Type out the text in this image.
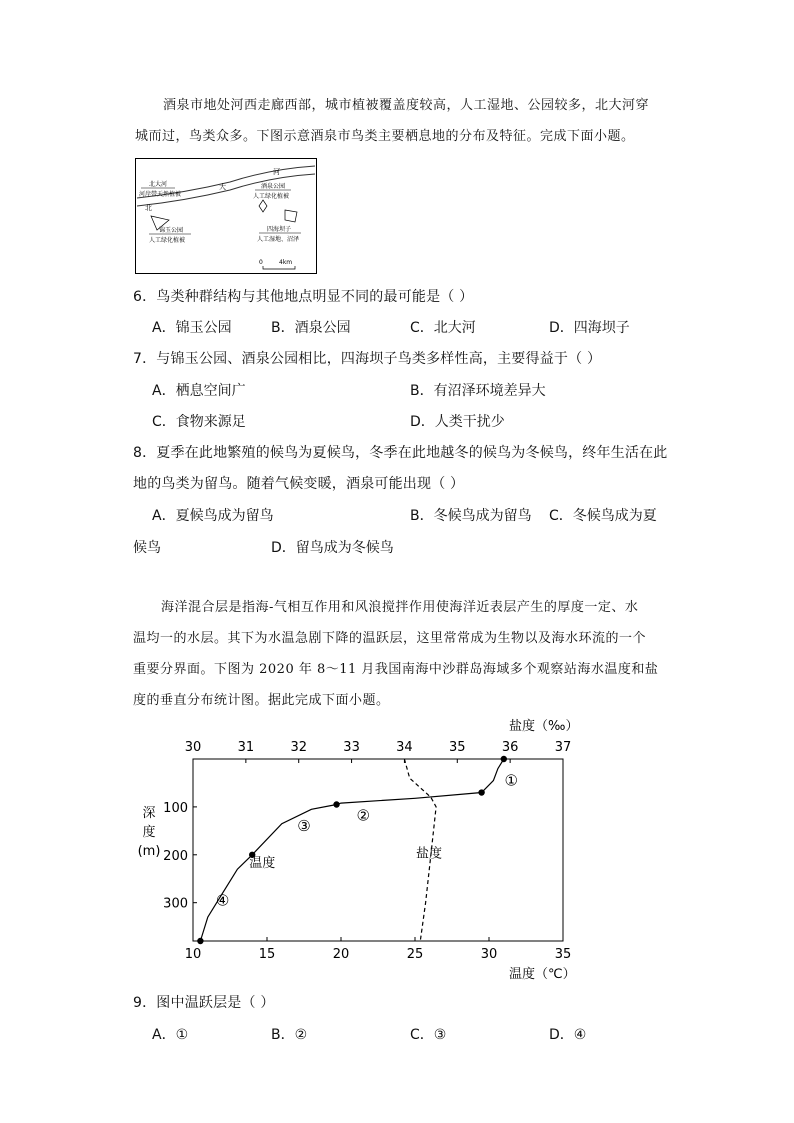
酒泉市地处河西走廊西部，城市植被覆盖度较高，人工湿地、公园较多，北大河穿
城而过，鸟类众多。下图示意酒泉市鸟类主要栖息地的分布及特征。完成下面小题。
北
大
河
北大河
河岸带天然植被
酒泉公园
人工绿化植被
锦玉公园
人工绿化植被
四海坝子
人工湿地、沼泽
0	4km
6．鸟类种群结构与其他地点明显不同的最可能是（ ）
A．锦玉公园	B．酒泉公园	C．北大河	D．四海坝子
7．与锦玉公园、酒泉公园相比，四海坝子鸟类多样性高，主要得益于（ ）
A．栖息空间广	B．有沼泽环境差异大
C．食物来源足	D．人类干扰少
8．夏季在此地繁殖的候鸟为夏候鸟，冬季在此地越冬的候鸟为冬候鸟，终年生活在此
地的鸟类为留鸟。随着气候变暖，酒泉可能出现（ ）
A．夏候鸟成为留鸟	B．冬候鸟成为留鸟 C．冬候鸟成为夏
候鸟	D．留鸟成为冬候鸟
海洋混合层是指海-气相互作用和风浪搅拌作用使海洋近表层产生的厚度一定、水
温均一的水层。其下为水温急剧下降的温跃层，这里常常成为生物以及海水环流的一个
重要分界面。下图为 2020 年 8～11 月我国南海中沙群岛海域多个观察站海水温度和盐
度的垂直分布统计图。据此完成下面小题。
盐度（‰）
温度（℃）
深
度
(m)
30	31	32	33	34	35	36	37
10	15	20	25	30	35
100
200
300
温度
盐度
①
②
③
④
9．图中温跃层是（ ）
A．①	B．②	C．③	D．④
